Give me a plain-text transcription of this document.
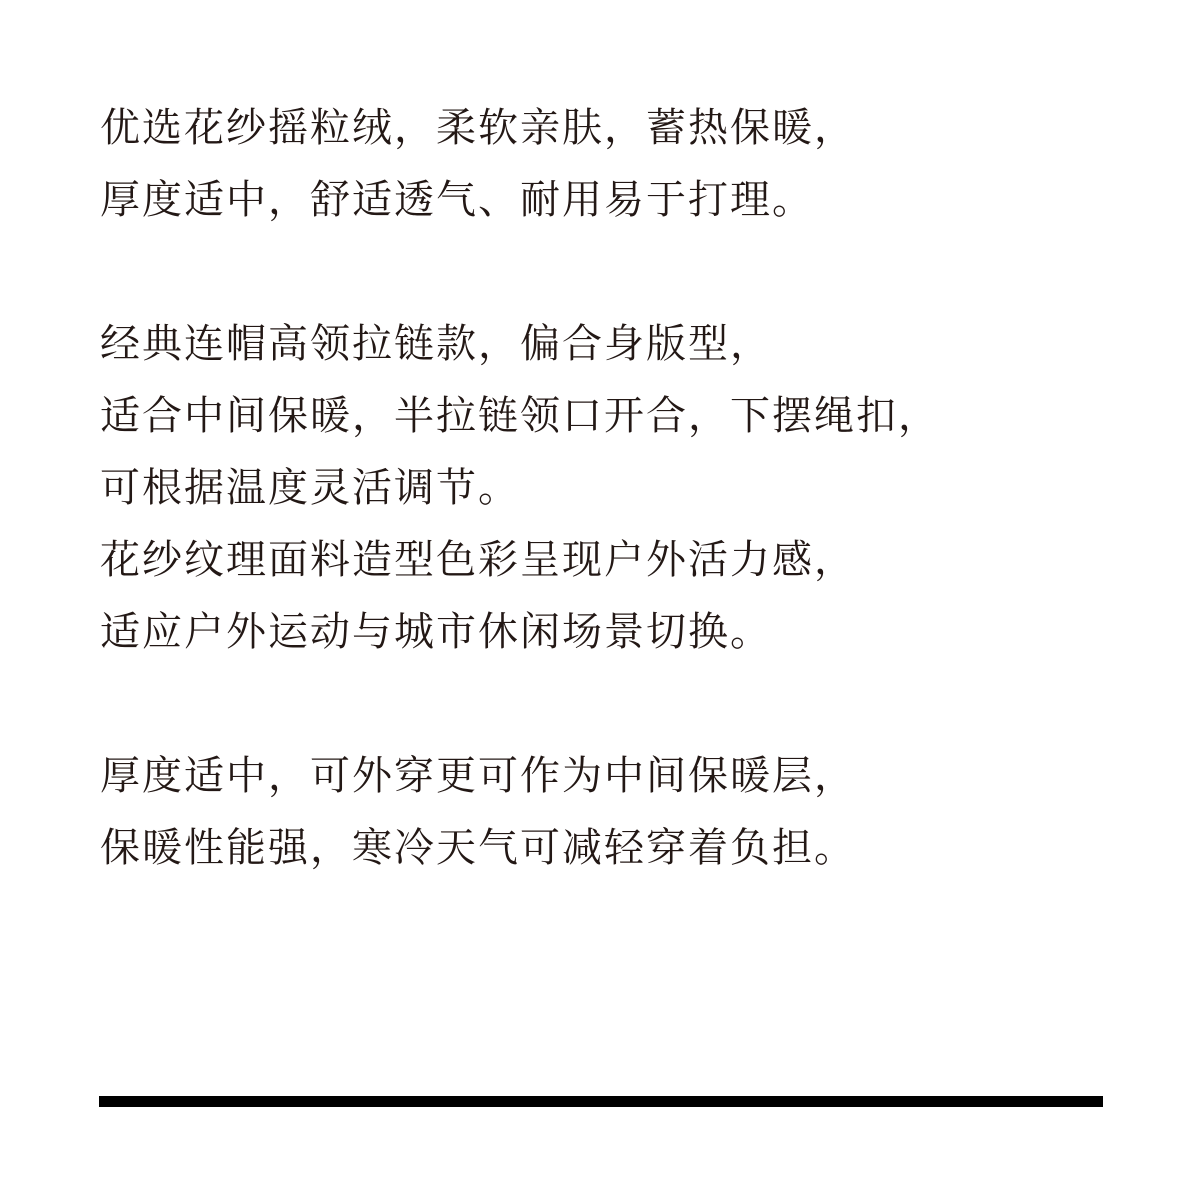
优选花纱摇粒绒，柔软亲肤，蓄热保暖，
厚度适中，舒适透气、耐用易于打理。
经典连帽高领拉链款，偏合身版型，
适合中间保暖，半拉链领口开合，下摆绳扣，
可根据温度灵活调节。
花纱纹理面料造型色彩呈现户外活力感，
适应户外运动与城市休闲场景切换。
厚度适中，可外穿更可作为中间保暖层，
保暖性能强，寒冷天气可减轻穿着负担。
